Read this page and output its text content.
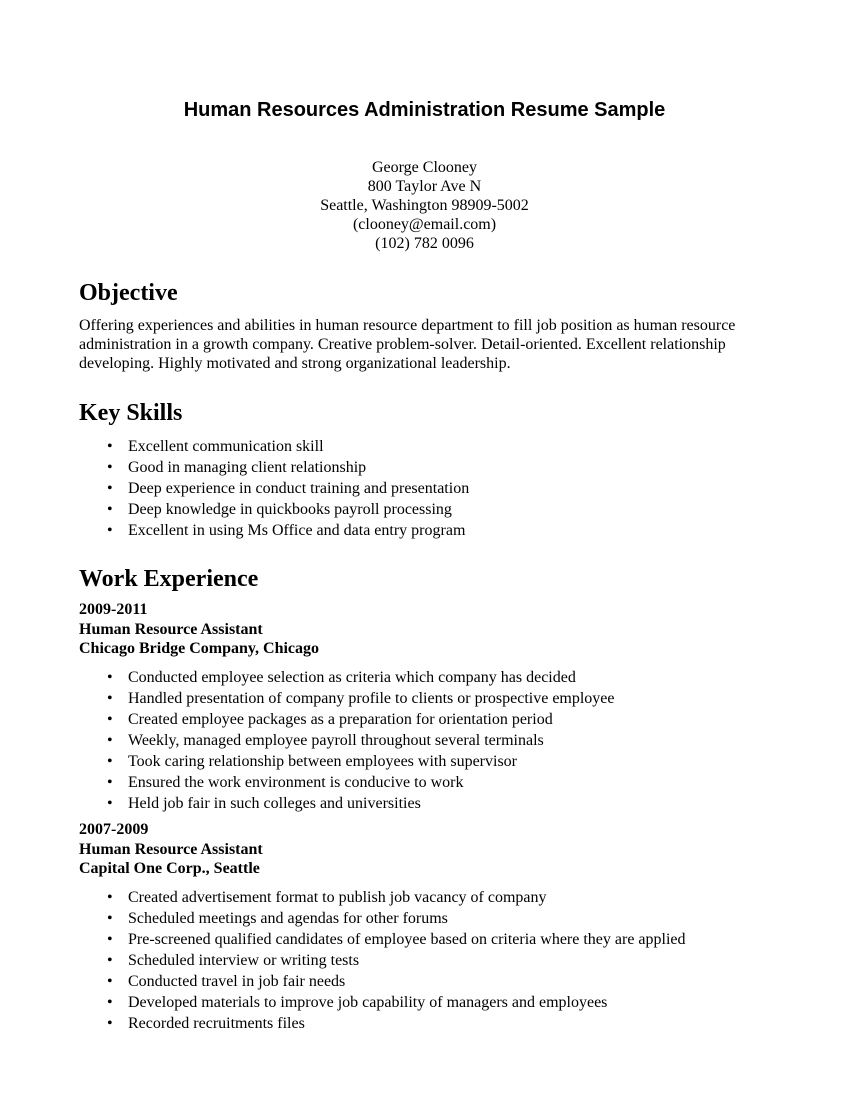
Human Resources Administration Resume Sample
George Clooney
800 Taylor Ave N
Seattle, Washington 98909-5002
(clooney@email.com)
(102) 782 0096
Objective

Offering experiences and abilities in human resource department to fill job position as human resource administration in a growth company. Creative problem-solver. Detail-oriented. Excellent relationship developing. Highly motivated and strong organizational leadership.

Key Skills
• Excellent communication skill
• Good in managing client relationship
• Deep experience in conduct training and presentation
• Deep knowledge in quickbooks payroll processing
• Excellent in using Ms Office and data entry program
Work Experience
2009-2011
Human Resource Assistant
Chicago Bridge Company, Chicago
• Conducted employee selection as criteria which company has decided
• Handled presentation of company profile to clients or prospective employee
• Created employee packages as a preparation for orientation period
• Weekly, managed employee payroll throughout several terminals
• Took caring relationship between employees with supervisor
• Ensured the work environment is conducive to work
• Held job fair in such colleges and universities
2007-2009
Human Resource Assistant
Capital One Corp., Seattle
• Created advertisement format to publish job vacancy of company
• Scheduled meetings and agendas for other forums
• Pre-screened qualified candidates of employee based on criteria where they are applied
• Scheduled interview or writing tests
• Conducted travel in job fair needs
• Developed materials to improve job capability of managers and employees
• Recorded recruitments files
